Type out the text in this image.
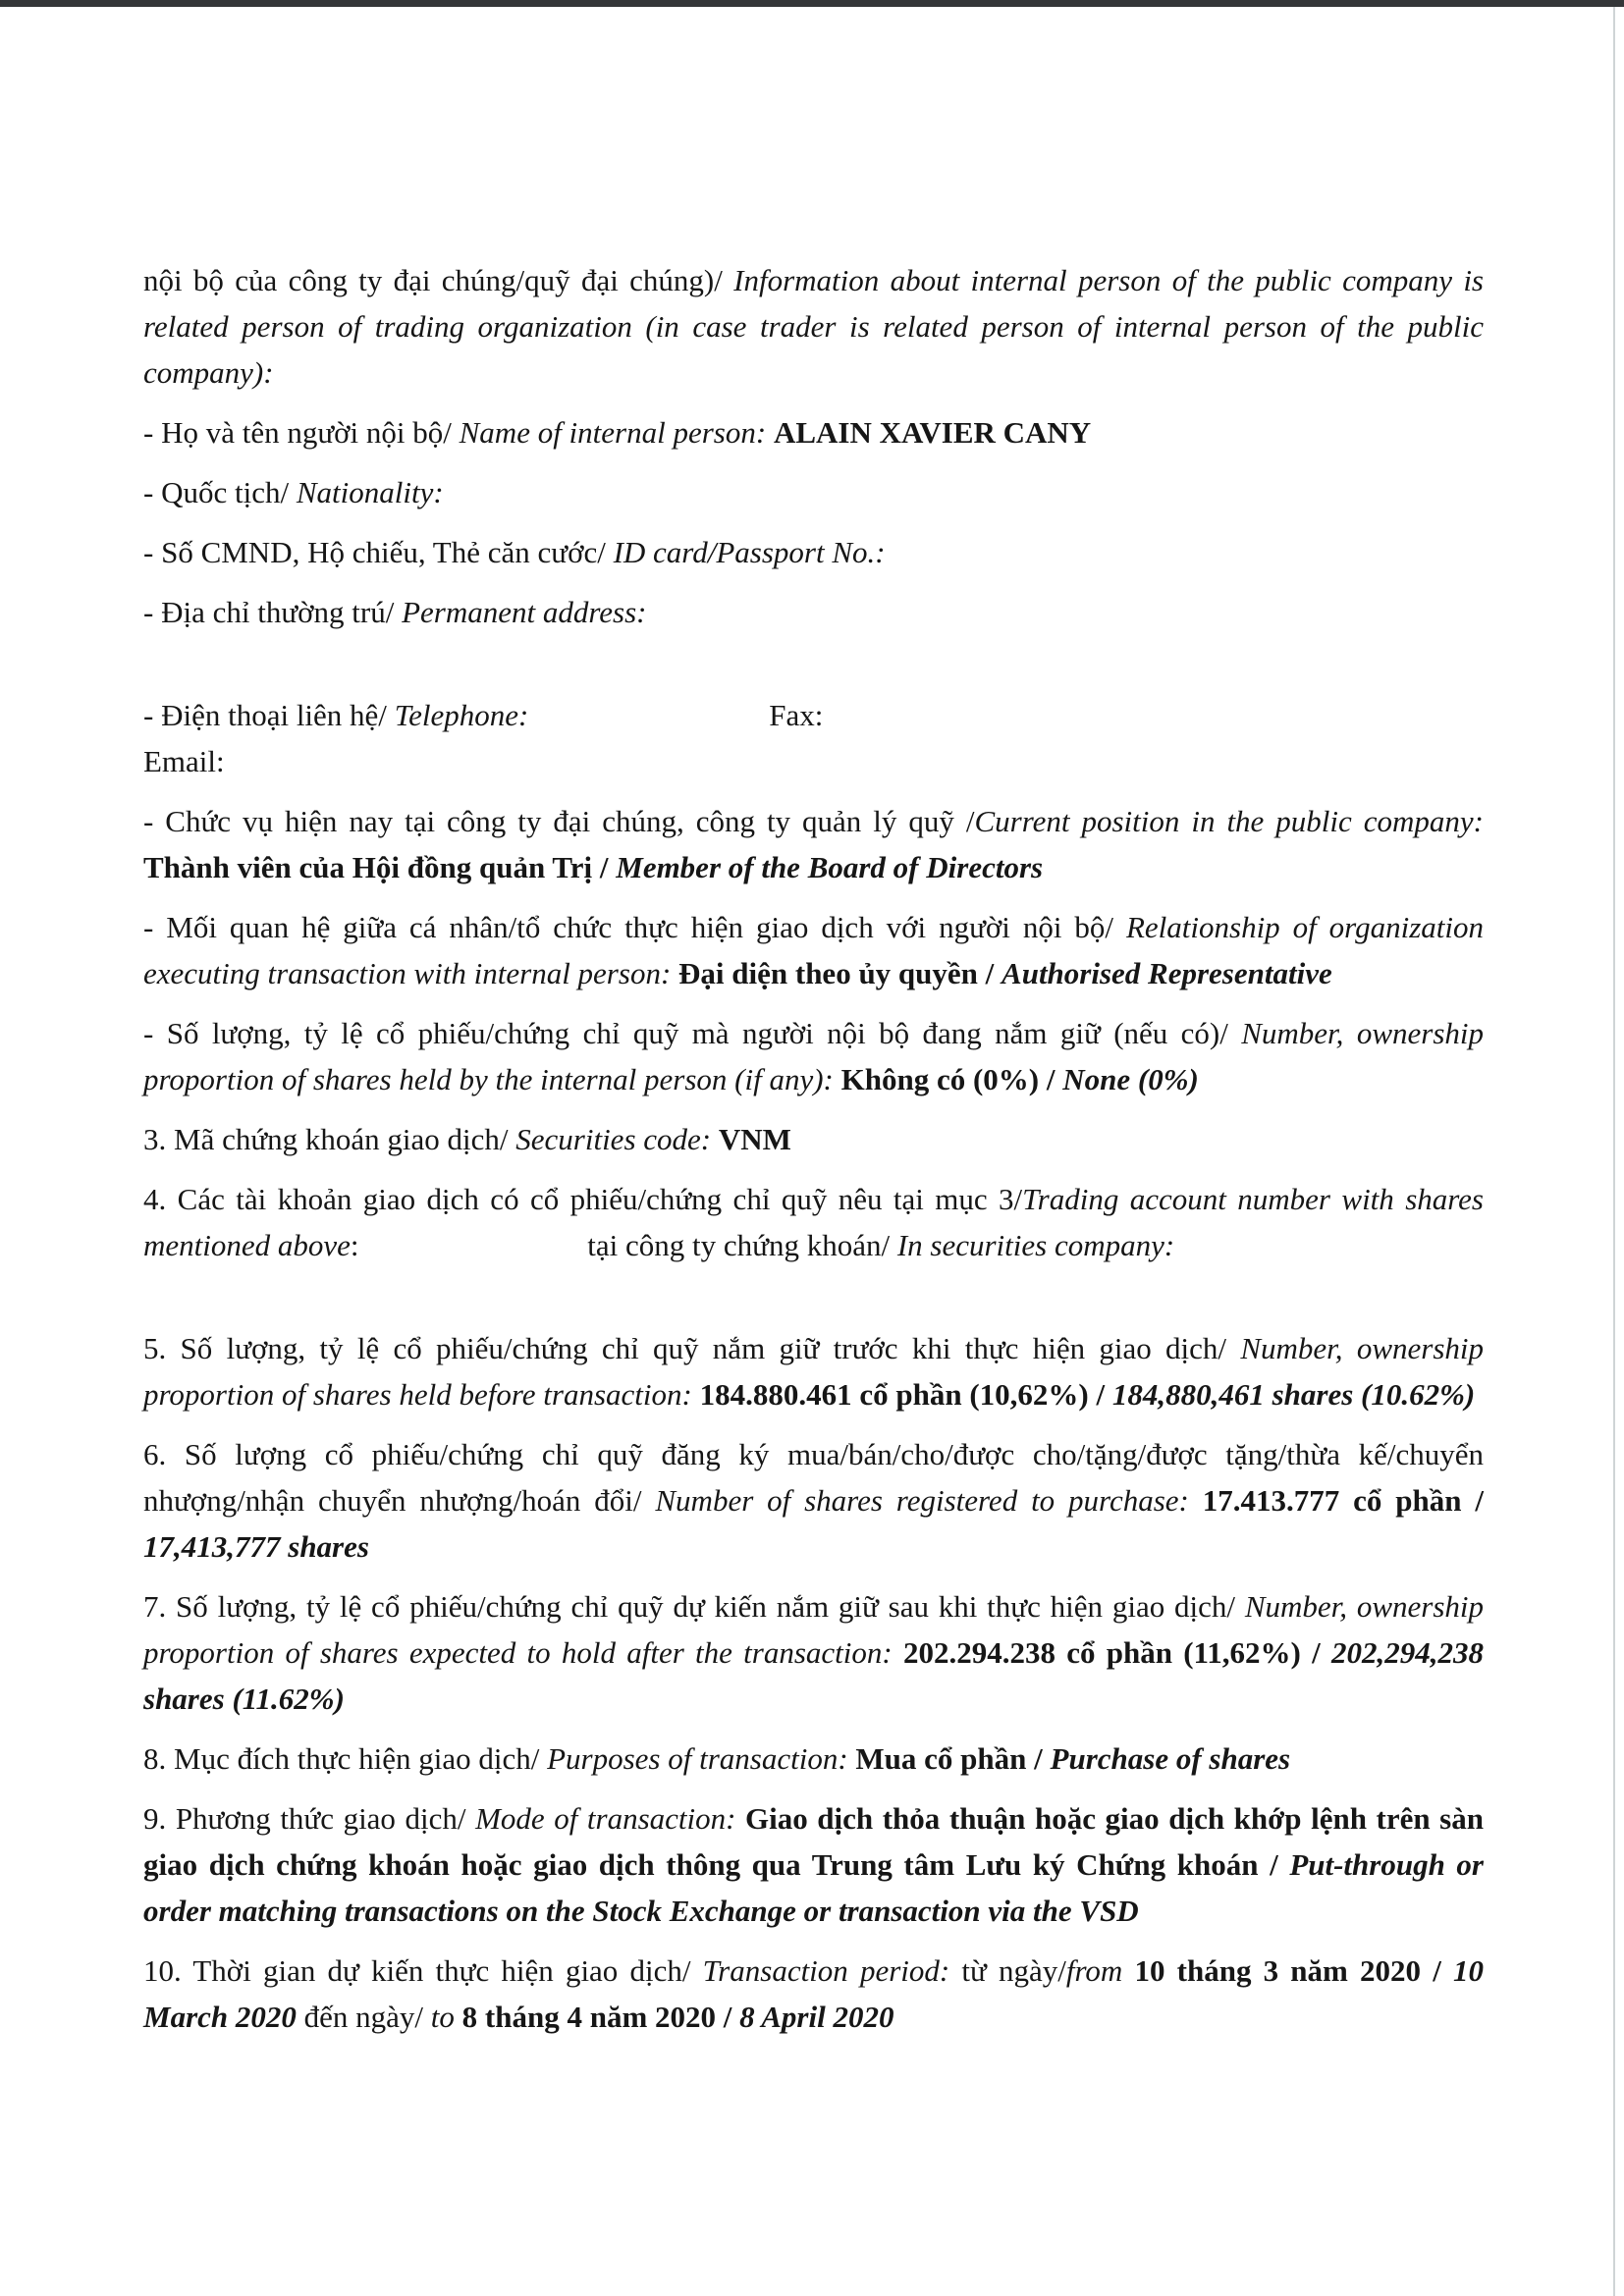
nội bộ của công ty đại chúng/quỹ đại chúng)/ Information about internal person of the public company is related person of trading organization (in case trader is related person of internal person of the public company):

- Họ và tên người nội bộ/ Name of internal person: ALAIN XAVIER CANY

- Quốc tịch/ Nationality:

- Số CMND, Hộ chiếu, Thẻ căn cước/ ID card/Passport No.:

- Địa chỉ thường trú/ Permanent address:

- Điện thoại liên hệ/ Telephone:	Fax:
Email:

- Chức vụ hiện nay tại công ty đại chúng, công ty quản lý quỹ /Current position in the public company: Thành viên của Hội đồng quản Trị / Member of the Board of Directors

- Mối quan hệ giữa cá nhân/tổ chức thực hiện giao dịch với người nội bộ/ Relationship of organization executing transaction with internal person: Đại diện theo ủy quyền / Authorised Representative

- Số lượng, tỷ lệ cổ phiếu/chứng chỉ quỹ mà người nội bộ đang nắm giữ (nếu có)/ Number, ownership proportion of shares held by the internal person (if any): Không có (0%) / None (0%)

3. Mã chứng khoán giao dịch/ Securities code: VNM

4. Các tài khoản giao dịch có cổ phiếu/chứng chỉ quỹ nêu tại mục 3/Trading account number with shares mentioned above:	tại công ty chứng khoán/ In securities company:

5. Số lượng, tỷ lệ cổ phiếu/chứng chỉ quỹ nắm giữ trước khi thực hiện giao dịch/ Number, ownership proportion of shares held before transaction: 184.880.461 cổ phần (10,62%) / 184,880,461 shares (10.62%)

6. Số lượng cổ phiếu/chứng chỉ quỹ đăng ký mua/bán/cho/được cho/tặng/được tặng/thừa kế/chuyển nhượng/nhận chuyển nhượng/hoán đổi/ Number of shares registered to purchase: 17.413.777 cổ phần / 17,413,777 shares

7. Số lượng, tỷ lệ cổ phiếu/chứng chỉ quỹ dự kiến nắm giữ sau khi thực hiện giao dịch/ Number, ownership proportion of shares expected to hold after the transaction: 202.294.238 cổ phần (11,62%) / 202,294,238 shares (11.62%)

8. Mục đích thực hiện giao dịch/ Purposes of transaction: Mua cổ phần / Purchase of shares

9. Phương thức giao dịch/ Mode of transaction: Giao dịch thỏa thuận hoặc giao dịch khớp lệnh trên sàn giao dịch chứng khoán hoặc giao dịch thông qua Trung tâm Lưu ký Chứng khoán / Put-through or order matching transactions on the Stock Exchange or transaction via the VSD

10. Thời gian dự kiến thực hiện giao dịch/ Transaction period: từ ngày/from 10 tháng 3 năm 2020 / 10 March 2020 đến ngày/ to 8 tháng 4 năm 2020 / 8 April 2020
